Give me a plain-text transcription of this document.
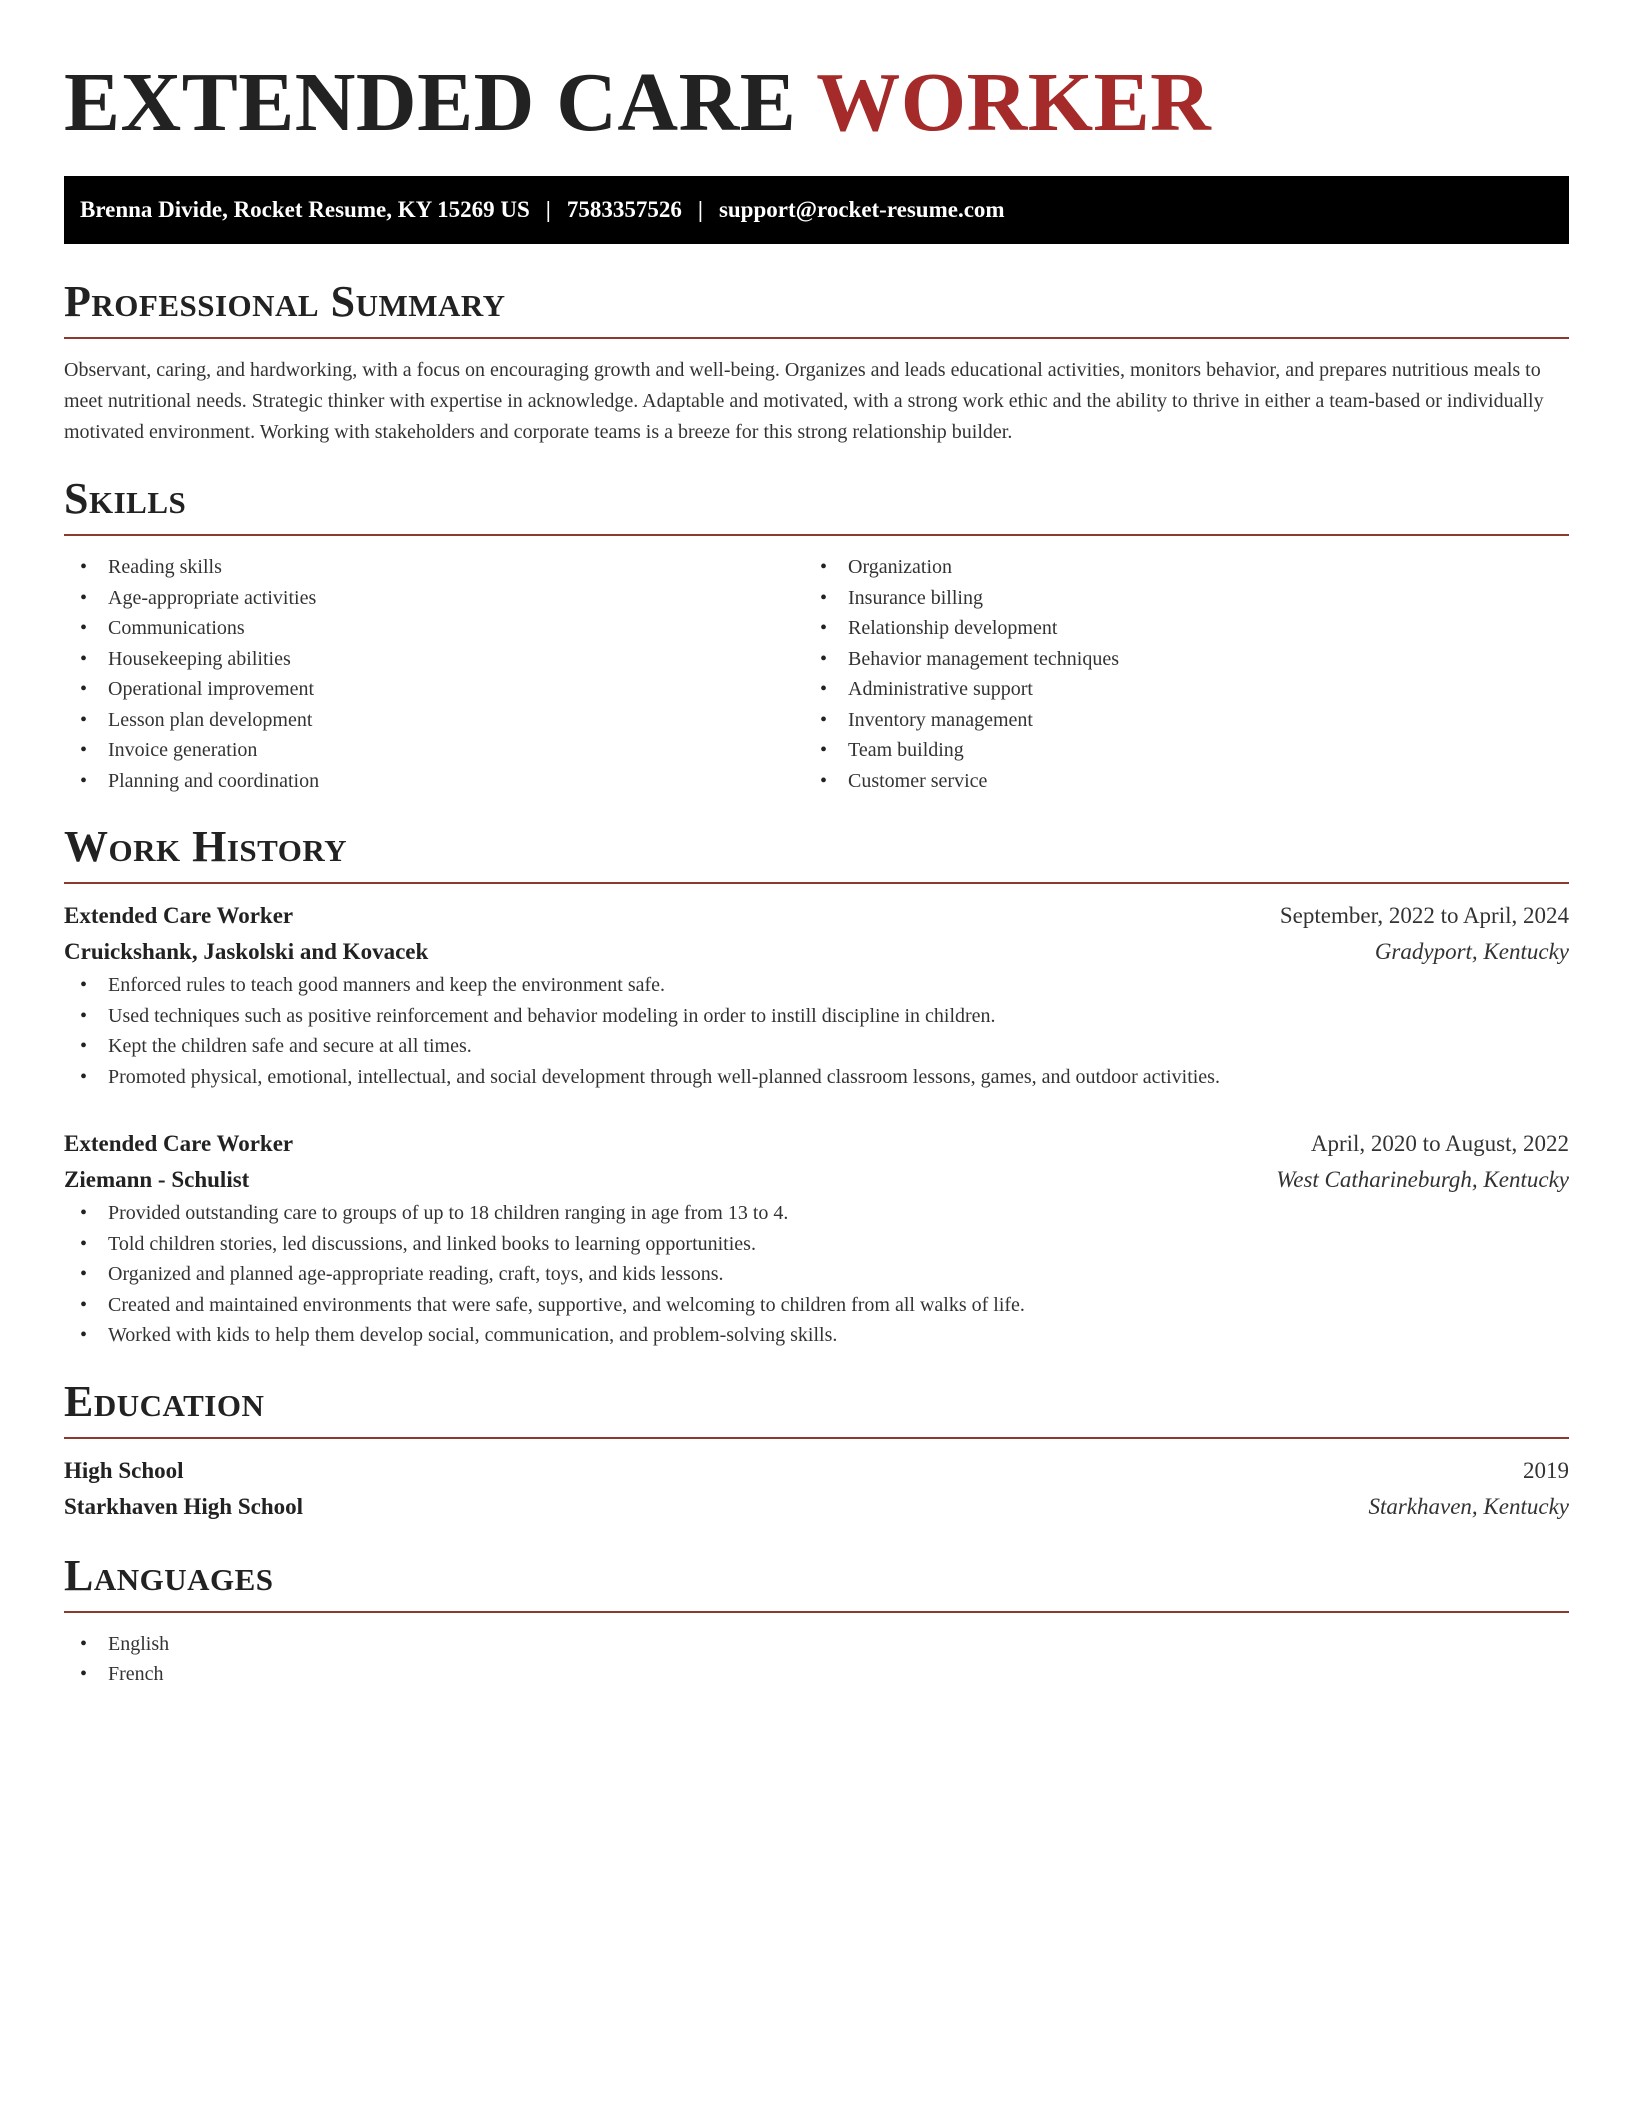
EXTENDED CARE WORKER
Brenna Divide, Rocket Resume, KY 15269 US | 7583357526 | support@rocket-resume.com
Professional Summary

Observant, caring, and hardworking, with a focus on encouraging growth and well-being. Organizes and leads educational activities, monitors behavior, and prepares nutritious meals to meet nutritional needs. Strategic thinker with expertise in acknowledge. Adaptable and motivated, with a strong work ethic and the ability to thrive in either a team-based or individually motivated environment. Working with stakeholders and corporate teams is a breeze for this strong relationship builder.

Skills
• Reading skills
• Age-appropriate activities
• Communications
• Housekeeping abilities
• Operational improvement
• Lesson plan development
• Invoice generation
• Planning and coordination
• Organization
• Insurance billing
• Relationship development
• Behavior management techniques
• Administrative support
• Inventory management
• Team building
• Customer service
Work History
Extended Care Worker	September, 2022 to April, 2024
Cruickshank, Jaskolski and Kovacek	Gradyport, Kentucky
• Enforced rules to teach good manners and keep the environment safe.
• Used techniques such as positive reinforcement and behavior modeling in order to instill discipline in children.
• Kept the children safe and secure at all times.
• Promoted physical, emotional, intellectual, and social development through well-planned classroom lessons, games, and outdoor activities.
Extended Care Worker	April, 2020 to August, 2022
Ziemann - Schulist	West Catharineburgh, Kentucky
• Provided outstanding care to groups of up to 18 children ranging in age from 13 to 4.
• Told children stories, led discussions, and linked books to learning opportunities.
• Organized and planned age-appropriate reading, craft, toys, and kids lessons.
• Created and maintained environments that were safe, supportive, and welcoming to children from all walks of life.
• Worked with kids to help them develop social, communication, and problem-solving skills.
Education
High School	2019
Starkhaven High School	Starkhaven, Kentucky
Languages
• English
• French
